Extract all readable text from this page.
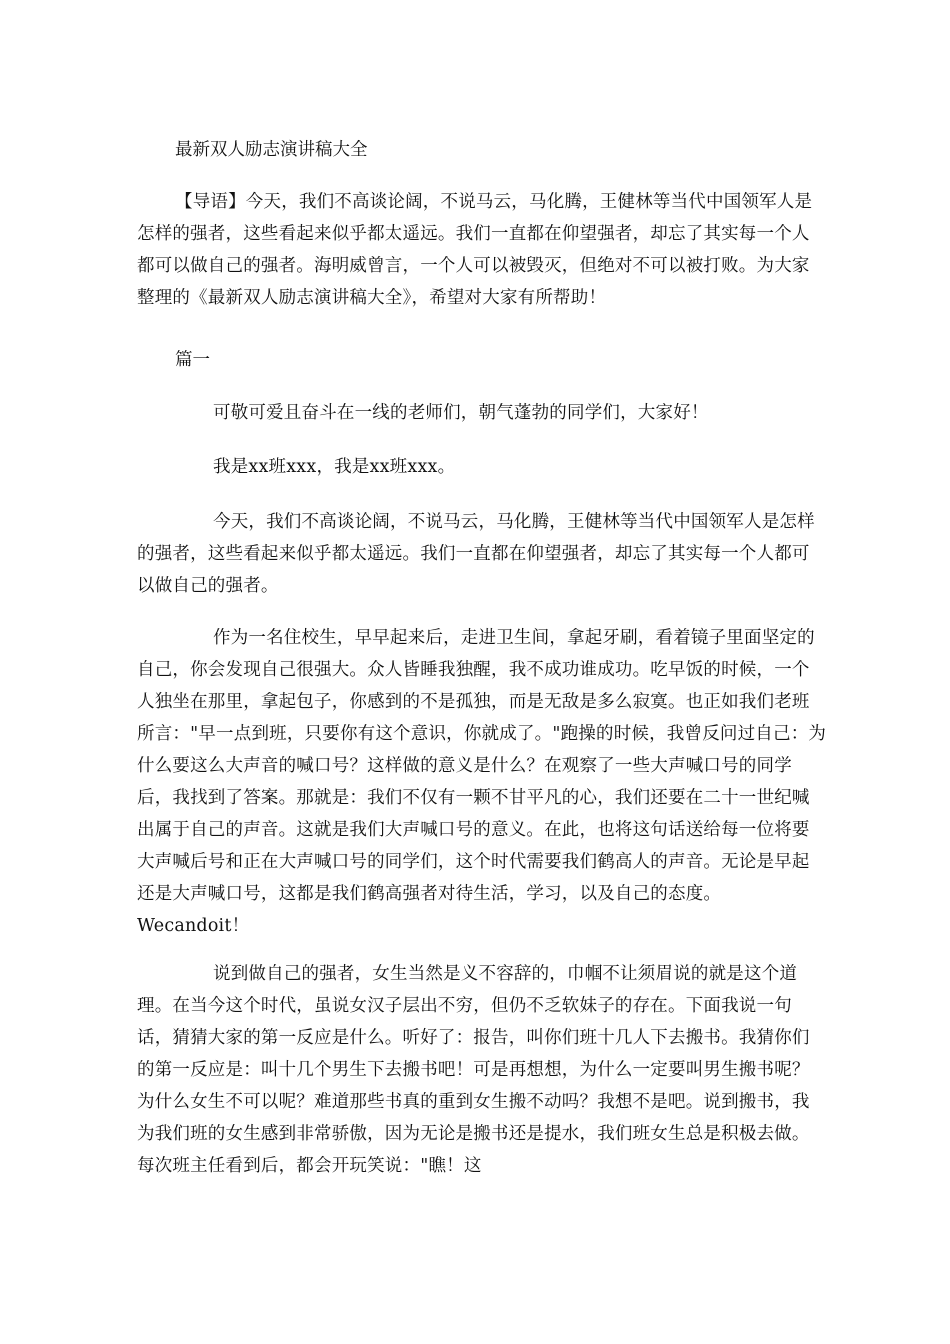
最新双人励志演讲稿大全
【导语】今天，我们不高谈论阔，不说马云，马化腾，王健林等当代中国领军人是怎样的强者，这些看起来似乎都太遥远。我们一直都在仰望强者，却忘了其实每一个人都可以做自己的强者。海明威曾言，一个人可以被毁灭，但绝对不可以被打败。为大家整理的《最新双人励志演讲稿大全》，希望对大家有所帮助！
篇一
可敬可爱且奋斗在一线的老师们，朝气蓬勃的同学们，大家好！
我是xx班xxx，我是xx班xxx。
今天，我们不高谈论阔，不说马云，马化腾，王健林等当代中国领军人是怎样的强者，这些看起来似乎都太遥远。我们一直都在仰望强者，却忘了其实每一个人都可以做自己的强者。
作为一名住校生，早早起来后，走进卫生间，拿起牙刷，看着镜子里面坚定的自己，你会发现自己很强大。众人皆睡我独醒，我不成功谁成功。吃早饭的时候，一个人独坐在那里，拿起包子，你感到的不是孤独，而是无敌是多么寂寞。也正如我们老班所言："早一点到班，只要你有这个意识，你就成了。"跑操的时候，我曾反问过自己：为什么要这么大声音的喊口号？这样做的意义是什么？在观察了一些大声喊口号的同学后，我找到了答案。那就是：我们不仅有一颗不甘平凡的心，我们还要在二十一世纪喊出属于自己的声音。这就是我们大声喊口号的意义。在此，也将这句话送给每一位将要大声喊后号和正在大声喊口号的同学们，这个时代需要我们鹤高人的声音。无论是早起还是大声喊口号，这都是我们鹤高强者对待生活，学习，以及自己的态度。Wecandoit！
说到做自己的强者，女生当然是义不容辞的，巾帼不让须眉说的就是这个道理。在当今这个时代，虽说女汉子层出不穷，但仍不乏软妹子的存在。下面我说一句话，猜猜大家的第一反应是什么。听好了：报告，叫你们班十几人下去搬书。我猜你们的第一反应是：叫十几个男生下去搬书吧！可是再想想，为什么一定要叫男生搬书呢？为什么女生不可以呢？难道那些书真的重到女生搬不动吗？我想不是吧。说到搬书，我为我们班的女生感到非常骄傲，因为无论是搬书还是提水，我们班女生总是积极去做。每次班主任看到后，都会开玩笑说："瞧！这
